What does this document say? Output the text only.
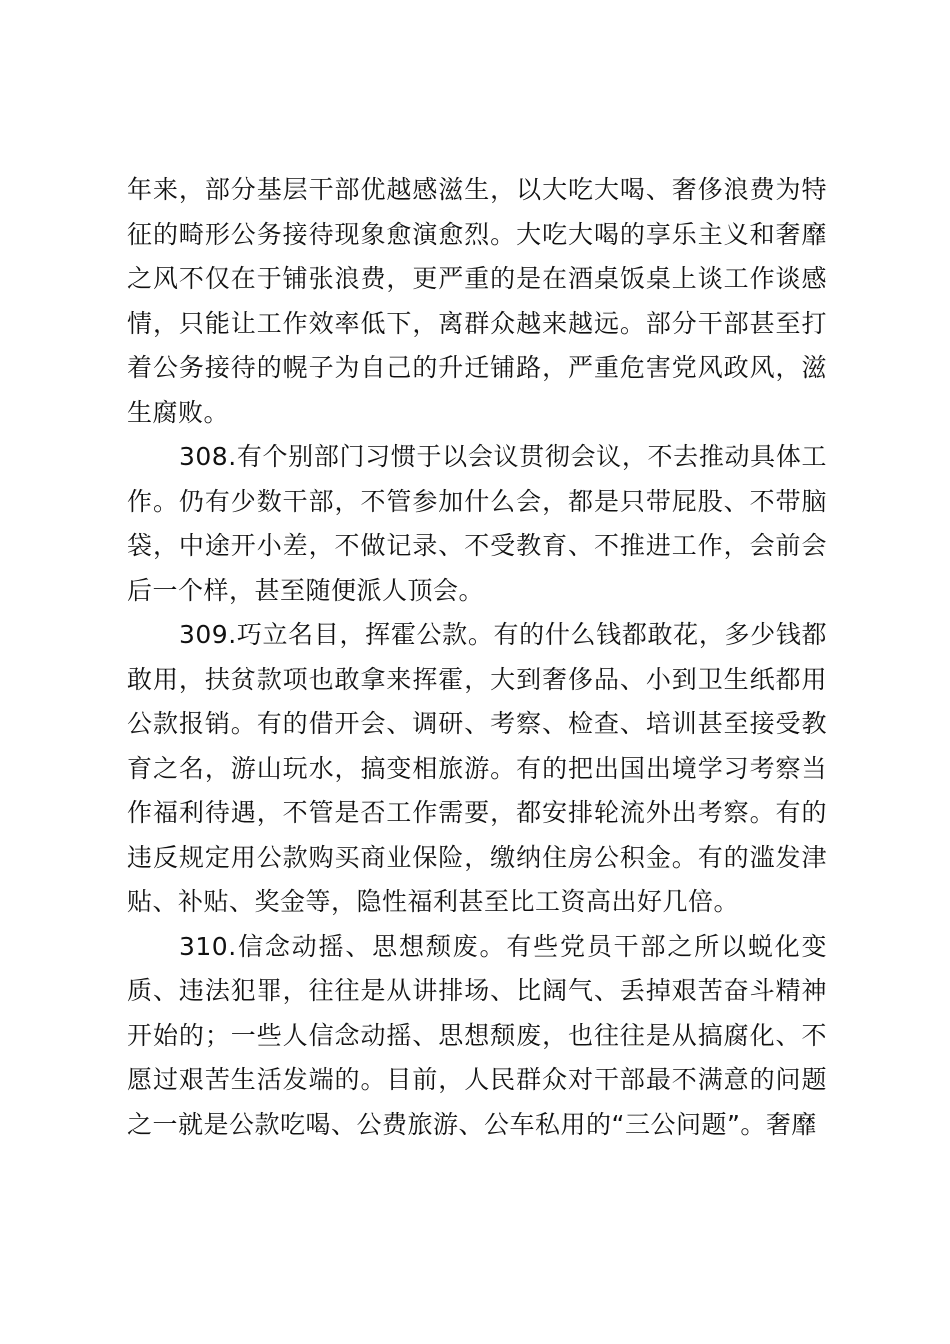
年来，部分基层干部优越感滋生，以大吃大喝、奢侈浪费为特征的畸形公务接待现象愈演愈烈。大吃大喝的享乐主义和奢靡之风不仅在于铺张浪费，更严重的是在酒桌饭桌上谈工作谈感情，只能让工作效率低下，离群众越来越远。部分干部甚至打着公务接待的幌子为自己的升迁铺路，严重危害党风政风，滋生腐败。

308.有个别部门习惯于以会议贯彻会议，不去推动具体工作。仍有少数干部，不管参加什么会，都是只带屁股、不带脑袋，中途开小差，不做记录、不受教育、不推进工作，会前会后一个样，甚至随便派人顶会。

309.巧立名目，挥霍公款。有的什么钱都敢花，多少钱都敢用，扶贫款项也敢拿来挥霍，大到奢侈品、小到卫生纸都用公款报销。有的借开会、调研、考察、检查、培训甚至接受教育之名，游山玩水，搞变相旅游。有的把出国出境学习考察当作福利待遇，不管是否工作需要，都安排轮流外出考察。有的违反规定用公款购买商业保险，缴纳住房公积金。有的滥发津贴、补贴、奖金等，隐性福利甚至比工资高出好几倍。

310.信念动摇、思想颓废。有些党员干部之所以蜕化变质、违法犯罪，往往是从讲排场、比阔气、丢掉艰苦奋斗精神开始的；一些人信念动摇、思想颓废，也往往是从搞腐化、不愿过艰苦生活发端的。目前，人民群众对干部最不满意的问题之一就是公款吃喝、公费旅游、公车私用的“三公问题”。奢靡
